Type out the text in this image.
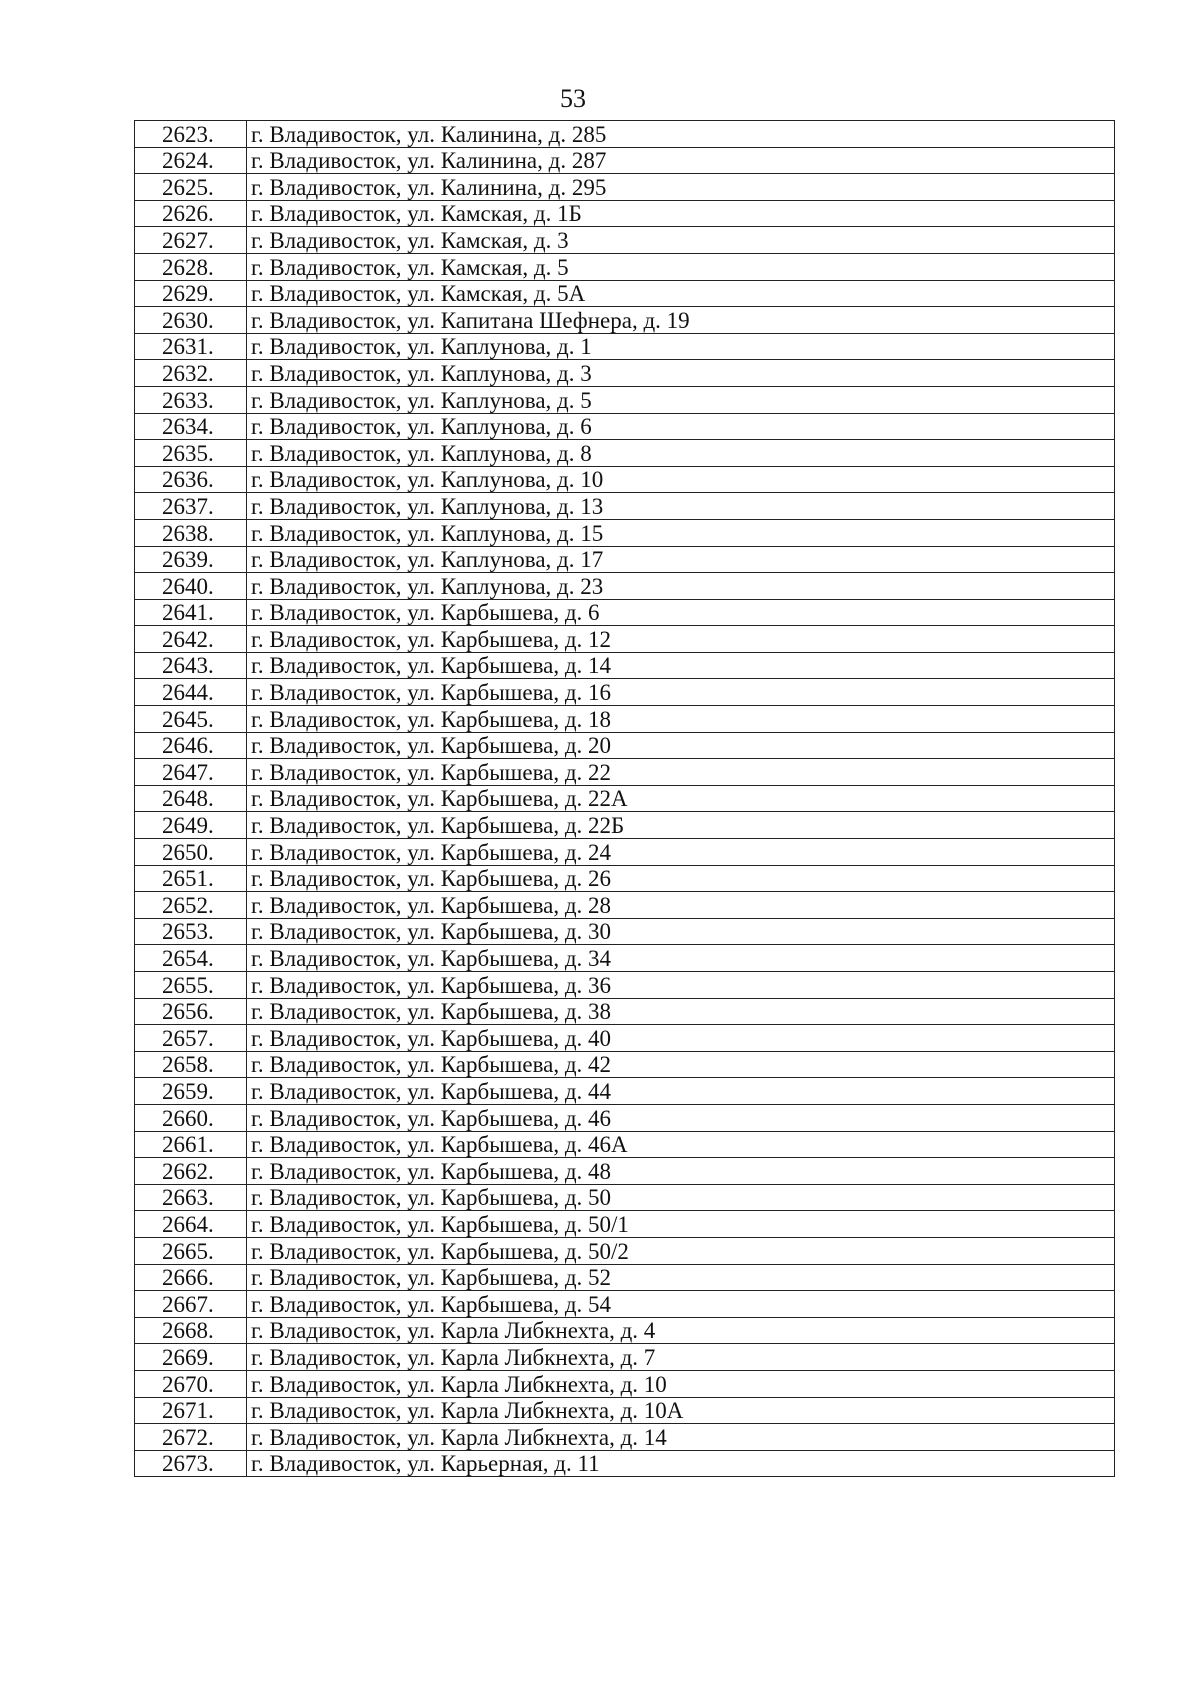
53
2623.	г. Владивосток, ул. Калинина, д. 285
2624.	г. Владивосток, ул. Калинина, д. 287
2625.	г. Владивосток, ул. Калинина, д. 295
2626.	г. Владивосток, ул. Камская, д. 1Б
2627.	г. Владивосток, ул. Камская, д. 3
2628.	г. Владивосток, ул. Камская, д. 5
2629.	г. Владивосток, ул. Камская, д. 5А
2630.	г. Владивосток, ул. Капитана Шефнера, д. 19
2631.	г. Владивосток, ул. Каплунова, д. 1
2632.	г. Владивосток, ул. Каплунова, д. 3
2633.	г. Владивосток, ул. Каплунова, д. 5
2634.	г. Владивосток, ул. Каплунова, д. 6
2635.	г. Владивосток, ул. Каплунова, д. 8
2636.	г. Владивосток, ул. Каплунова, д. 10
2637.	г. Владивосток, ул. Каплунова, д. 13
2638.	г. Владивосток, ул. Каплунова, д. 15
2639.	г. Владивосток, ул. Каплунова, д. 17
2640.	г. Владивосток, ул. Каплунова, д. 23
2641.	г. Владивосток, ул. Карбышева, д. 6
2642.	г. Владивосток, ул. Карбышева, д. 12
2643.	г. Владивосток, ул. Карбышева, д. 14
2644.	г. Владивосток, ул. Карбышева, д. 16
2645.	г. Владивосток, ул. Карбышева, д. 18
2646.	г. Владивосток, ул. Карбышева, д. 20
2647.	г. Владивосток, ул. Карбышева, д. 22
2648.	г. Владивосток, ул. Карбышева, д. 22А
2649.	г. Владивосток, ул. Карбышева, д. 22Б
2650.	г. Владивосток, ул. Карбышева, д. 24
2651.	г. Владивосток, ул. Карбышева, д. 26
2652.	г. Владивосток, ул. Карбышева, д. 28
2653.	г. Владивосток, ул. Карбышева, д. 30
2654.	г. Владивосток, ул. Карбышева, д. 34
2655.	г. Владивосток, ул. Карбышева, д. 36
2656.	г. Владивосток, ул. Карбышева, д. 38
2657.	г. Владивосток, ул. Карбышева, д. 40
2658.	г. Владивосток, ул. Карбышева, д. 42
2659.	г. Владивосток, ул. Карбышева, д. 44
2660.	г. Владивосток, ул. Карбышева, д. 46
2661.	г. Владивосток, ул. Карбышева, д. 46А
2662.	г. Владивосток, ул. Карбышева, д. 48
2663.	г. Владивосток, ул. Карбышева, д. 50
2664.	г. Владивосток, ул. Карбышева, д. 50/1
2665.	г. Владивосток, ул. Карбышева, д. 50/2
2666.	г. Владивосток, ул. Карбышева, д. 52
2667.	г. Владивосток, ул. Карбышева, д. 54
2668.	г. Владивосток, ул. Карла Либкнехта, д. 4
2669.	г. Владивосток, ул. Карла Либкнехта, д. 7
2670.	г. Владивосток, ул. Карла Либкнехта, д. 10
2671.	г. Владивосток, ул. Карла Либкнехта, д. 10А
2672.	г. Владивосток, ул. Карла Либкнехта, д. 14
2673.	г. Владивосток, ул. Карьерная, д. 11
